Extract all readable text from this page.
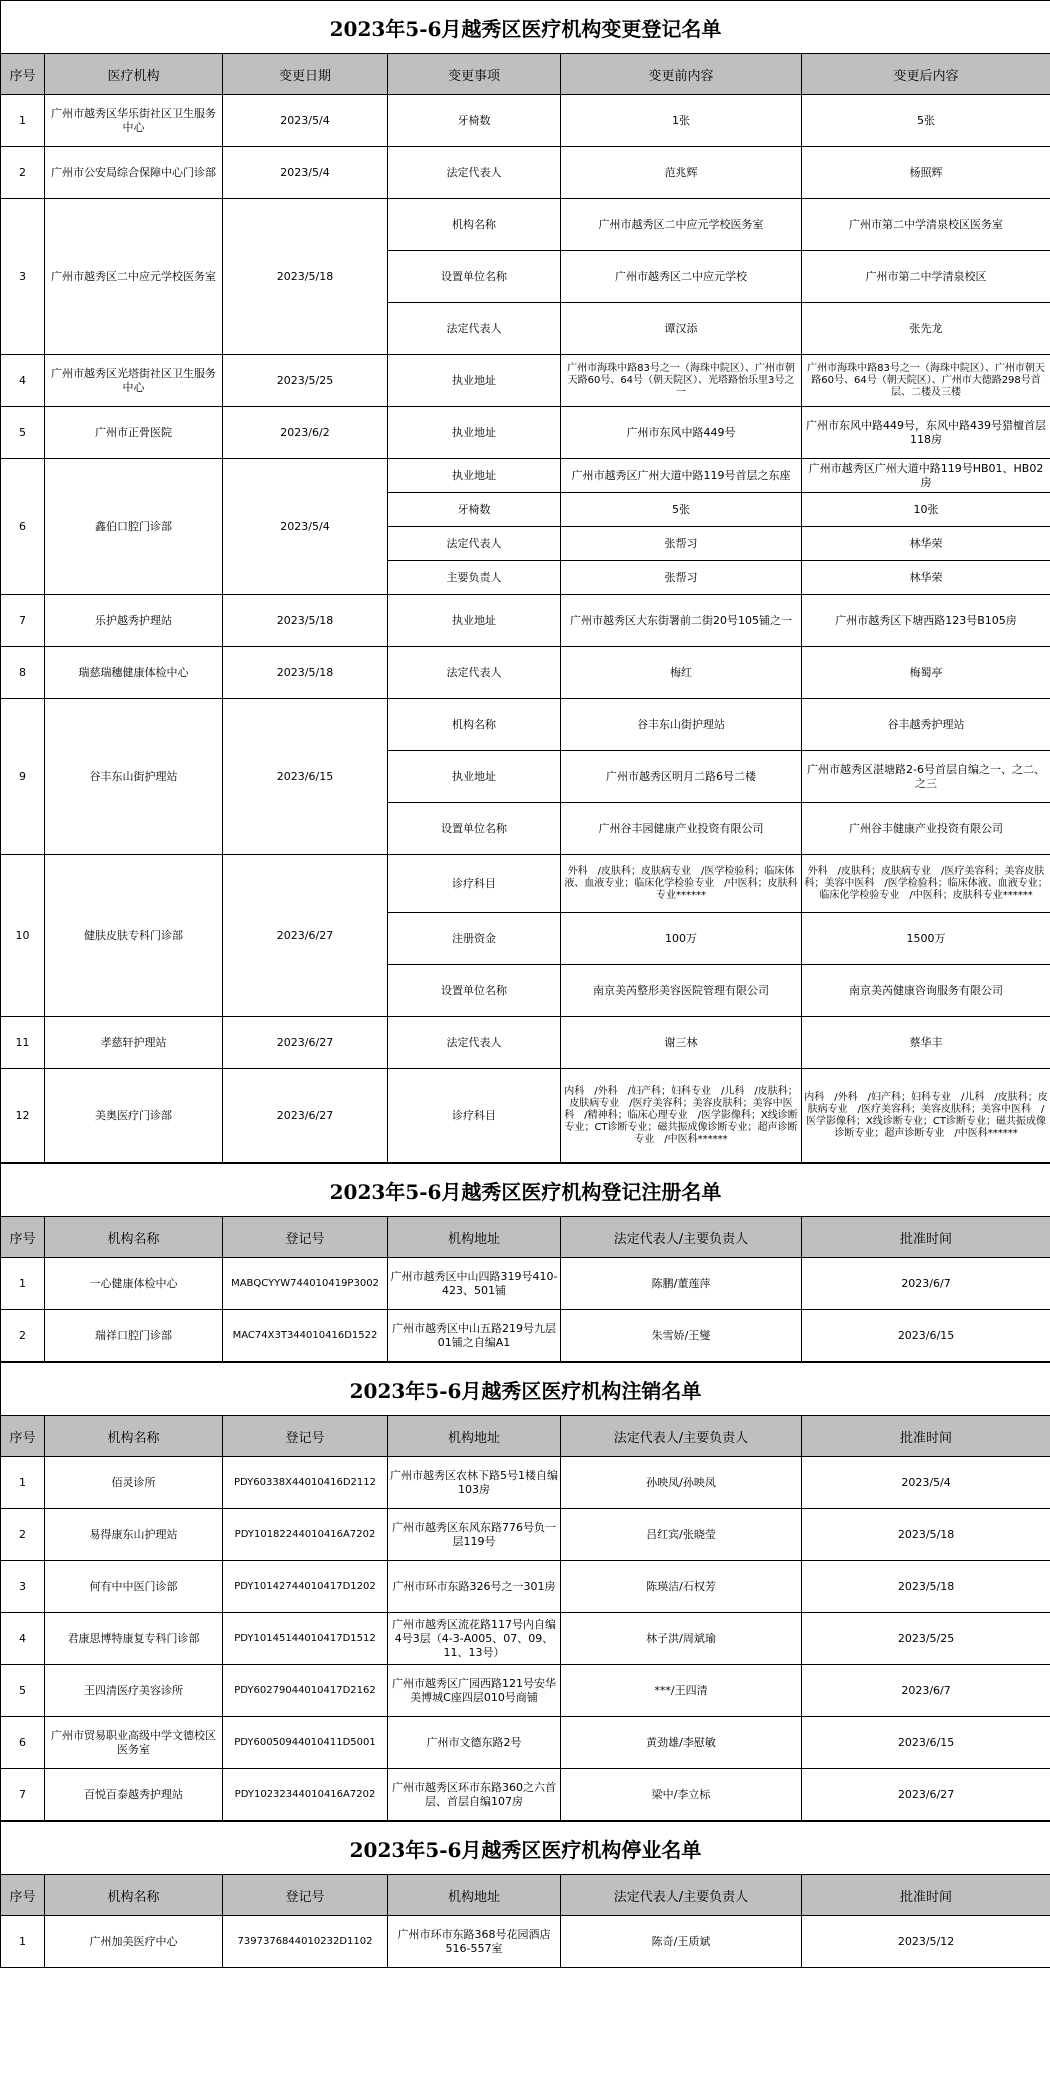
2023年5-6月越秀区医疗机构变更登记名单					
序号	医疗机构	变更日期	变更事项	变更前内容	变更后内容
1	广州市越秀区华乐街社区卫生服务中心	2023/5/4	牙椅数	1张	5张
2	广州市公安局综合保障中心门诊部	2023/5/4	法定代表人	范兆辉	杨照辉
3	广州市越秀区二中应元学校医务室	2023/5/18	机构名称	广州市越秀区二中应元学校医务室	广州市第二中学清泉校区医务室
			设置单位名称	广州市越秀区二中应元学校	广州市第二中学清泉校区
			法定代表人	谭汉添	张先龙
4	广州市越秀区光塔街社区卫生服务中心	2023/5/25	执业地址	广州市海珠中路83号之一（海珠中院区）、广州市朝天路60号、64号（朝天院区）、光塔路怡乐里3号之一	广州市海珠中路83号之一（海珠中院区）、广州市朝天路60号、64号（朝天院区）、广州市大德路298号首层、二楼及三楼
5	广州市正骨医院	2023/6/2	执业地址	广州市东风中路449号	广州市东风中路449号，东风中路439号猎檀首层118房
6	鑫伯口腔门诊部	2023/5/4	执业地址	广州市越秀区广州大道中路119号首层之东座	广州市越秀区广州大道中路119号HB01、HB02房
			牙椅数	5张	10张
			法定代表人	张帮习	林华荣
			主要负责人	张帮习	林华荣
7	乐护越秀护理站	2023/5/18	执业地址	广州市越秀区大东街署前二街20号105铺之一	广州市越秀区下塘西路123号B105房
8	瑞慈瑞穗健康体检中心	2023/5/18	法定代表人	梅红	梅蜀亭
9	谷丰东山街护理站	2023/6/15	机构名称	谷丰东山街护理站	谷丰越秀护理站
			执业地址	广州市越秀区明月二路6号二楼	广州市越秀区湛塘路2-6号首层自编之一、之二、之三
			设置单位名称	广州谷丰园健康产业投资有限公司	广州谷丰健康产业投资有限公司
10	健肤皮肤专科门诊部	2023/6/27	诊疗科目	外科　/皮肤科；皮肤病专业　/医学检验科；临床体液、血液专业；临床化学检验专业　/中医科；皮肤科专业******	外科　/皮肤科；皮肤病专业　/医疗美容科；美容皮肤科；美容中医科　/医学检验科；临床体液、血液专业；临床化学检验专业　/中医科；皮肤科专业******
			注册资金	100万	1500万
			设置单位名称	南京美芮整形美容医院管理有限公司	南京美芮健康咨询服务有限公司
11	孝慈轩护理站	2023/6/27	法定代表人	谢三林	蔡华丰
12	美奥医疗门诊部	2023/6/27	诊疗科目	内科　/外科　/妇产科；妇科专业　/儿科　/皮肤科；皮肤病专业　/医疗美容科；美容皮肤科；美容中医科　/精神科；临床心理专业　/医学影像科；X线诊断专业；CT诊断专业；磁共振成像诊断专业；超声诊断专业　/中医科******	内科　/外科　/妇产科；妇科专业　/儿科　/皮肤科；皮肤病专业　/医疗美容科；美容皮肤科；美容中医科　/医学影像科；X线诊断专业；CT诊断专业；磁共振成像诊断专业；超声诊断专业　/中医科******
2023年5-6月越秀区医疗机构登记注册名单					
序号	机构名称	登记号	机构地址	法定代表人/主要负责人	批准时间
1	一心健康体检中心	MABQCYYW744010419P3002	广州市越秀区中山四路319号410-423、501铺	陈鹏/董莲萍	2023/6/7
2	瑞祥口腔门诊部	MAC74X3T344010416D1522	广州市越秀区中山五路219号九层01铺之自编A1	朱雪娇/王燮	2023/6/15
2023年5-6月越秀区医疗机构注销名单					
序号	机构名称	登记号	机构地址	法定代表人/主要负责人	批准时间
1	佰灵诊所	PDY60338X44010416D2112	广州市越秀区农林下路5号1楼自编103房	孙映凤/孙映凤	2023/5/4
2	易得康东山护理站	PDY10182244010416A7202	广州市越秀区东风东路776号负一层119号	吕红宾/张晓莹	2023/5/18
3	何有中中医门诊部	PDY10142744010417D1202	广州市环市东路326号之一301房	陈瑛洁/石权芳	2023/5/18
4	君康思博特康复专科门诊部	PDY10145144010417D1512	广州市越秀区流花路117号内自编4号3层（4-3-A005、07、09、11、13号）	林子洪/周斌瑜	2023/5/25
5	王四清医疗美容诊所	PDY60279044010417D2162	广州市越秀区广园西路121号安华美博城C座四层010号商铺	***/王四清	2023/6/7
6	广州市贸易职业高级中学文德校区医务室	PDY60050944010411D5001	广州市文德东路2号	黄劲雄/李慰敏	2023/6/15
7	百悦百泰越秀护理站	PDY10232344010416A7202	广州市越秀区环市东路360之六首层、首层自编107房	梁中/李立标	2023/6/27
2023年5-6月越秀区医疗机构停业名单					
序号	机构名称	登记号	机构地址	法定代表人/主要负责人	批准时间
1	广州加美医疗中心	7397376844010232D1102	广州市环市东路368号花园酒店516-557室	陈奇/王质斌	2023/5/12
